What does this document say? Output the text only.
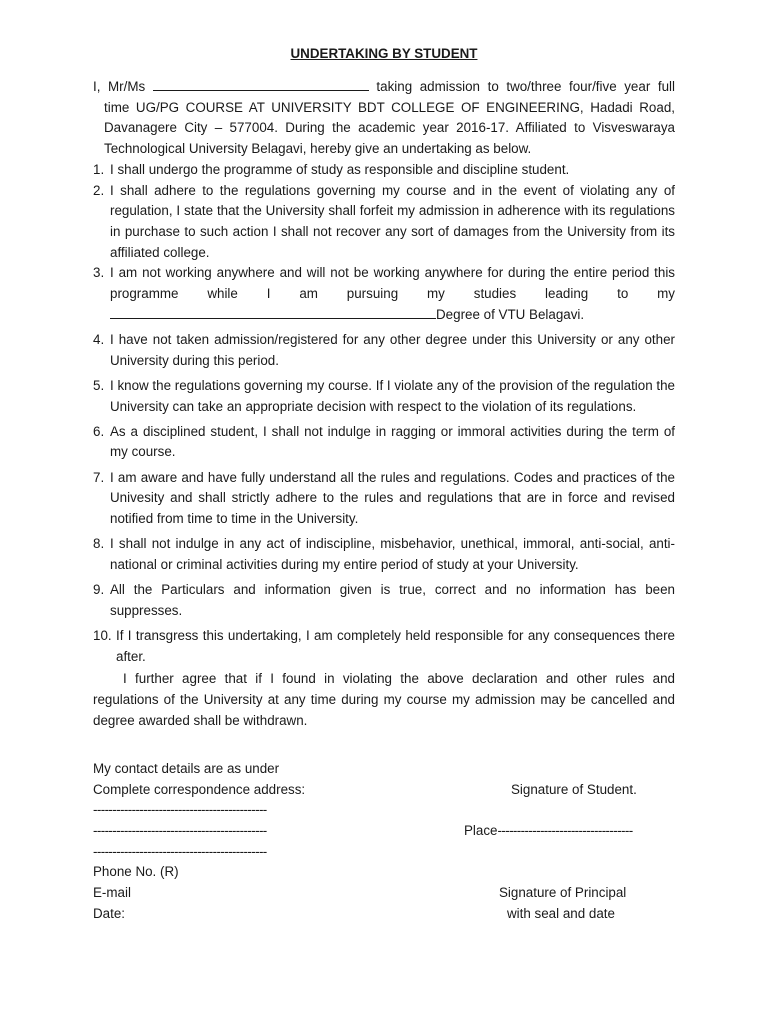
UNDERTAKING BY STUDENT

I, Mr/Ms	taking admission to two/three four/five year full
time UG/PG COURSE AT UNIVERSITY BDT COLLEGE OF ENGINEERING, Hadadi Road, Davanagere City – 577004. During the academic year 2016-17. Affiliated to Visveswaraya Technological University Belagavi, hereby give an undertaking as below.

1. I shall undergo the programme of study as responsible and discipline student.
2. I shall adhere to the regulations governing my course and in the event of violating any of regulation, I state that the University shall forfeit my admission in adherence with its regulations in purchase to such action I shall not recover any sort of damages from the University from its affiliated college.
3. I am not working anywhere and will not be working anywhere for during the entire period this programme while I am pursuing my studies leading to my
Degree of VTU Belagavi.
4. I have not taken admission/registered for any other degree under this University or any other University during this period.
5. I know the regulations governing my course. If I violate any of the provision of the regulation the University can take an appropriate decision with respect to the violation of its regulations.
6. As a disciplined student, I shall not indulge in ragging or immoral activities during the term of my course.
7. I am aware and have fully understand all the rules and regulations. Codes and practices of the Univesity and shall strictly adhere to the rules and regulations that are in force and revised notified from time to time in the University.
8. I shall not indulge in any act of indiscipline, misbehavior, unethical, immoral, anti-social, anti-national or criminal activities during my entire period of study at your University.
9. All the Particulars and information given is true, correct and no information has been suppresses.
10. If I transgress this undertaking, I am completely held responsible for any consequences there after.

I further agree that if I found in violating the above declaration and other rules and regulations of the University at any time during my course my admission may be cancelled and degree awarded shall be withdrawn.

My contact details are as under
Complete correspondence address:	Signature of Student.
---------------------------------------------
---------------------------------------------	Place-----------------------------------
---------------------------------------------
Phone No. (R)
E-mail	Signature of Principal
Date:	with seal and date
